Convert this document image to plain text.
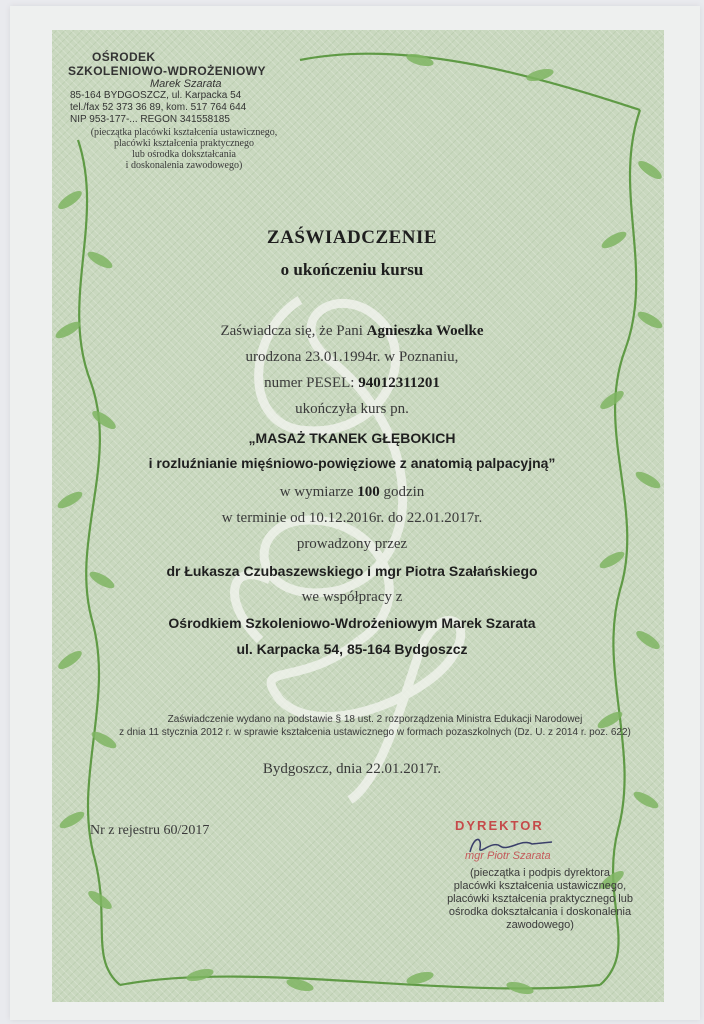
OŚRODEK
SZKOLENIOWO-WDROŻENIOWY
Marek Szarata
85-164 BYDGOSZCZ, ul. Karpacka 54
tel./fax 52 373 36 89, kom. 517 764 644
NIP 953-177-... REGON 341558185
(pieczątka placówki kształcenia ustawicznego,
placówki kształcenia praktycznego
lub ośrodka dokształcania
i doskonalenia zawodowego)
ZAŚWIADCZENIE
o ukończeniu kursu
Zaświadcza się, że Pani Agnieszka Woelke
urodzona 23.01.1994r. w Poznaniu,
numer PESEL: 94012311201
ukończyła kurs pn.
„MASAŻ TKANEK GŁĘBOKICH
i rozluźnianie mięśniowo-powięziowe z anatomią palpacyjną”
w wymiarze 100 godzin
w terminie od 10.12.2016r. do 22.01.2017r.
prowadzony przez
dr Łukasza Czubaszewskiego i mgr Piotra Szałańskiego
we współpracy z
Ośrodkiem Szkoleniowo-Wdrożeniowym Marek Szarata
ul. Karpacka 54, 85-164 Bydgoszcz
Zaświadczenie wydano na podstawie § 18 ust. 2 rozporządzenia Ministra Edukacji Narodowej
z dnia 11 stycznia 2012 r. w sprawie kształcenia ustawicznego w formach pozaszkolnych (Dz. U. z 2014 r. poz. 622)
Bydgoszcz, dnia 22.01.2017r.
Nr z rejestru 60/2017	DYREKTOR
mgr Piotr Szarata
(pieczątka i podpis dyrektora
placówki kształcenia ustawicznego,
placówki kształcenia praktycznego lub
ośrodka dokształcania i doskonalenia zawodowego)
